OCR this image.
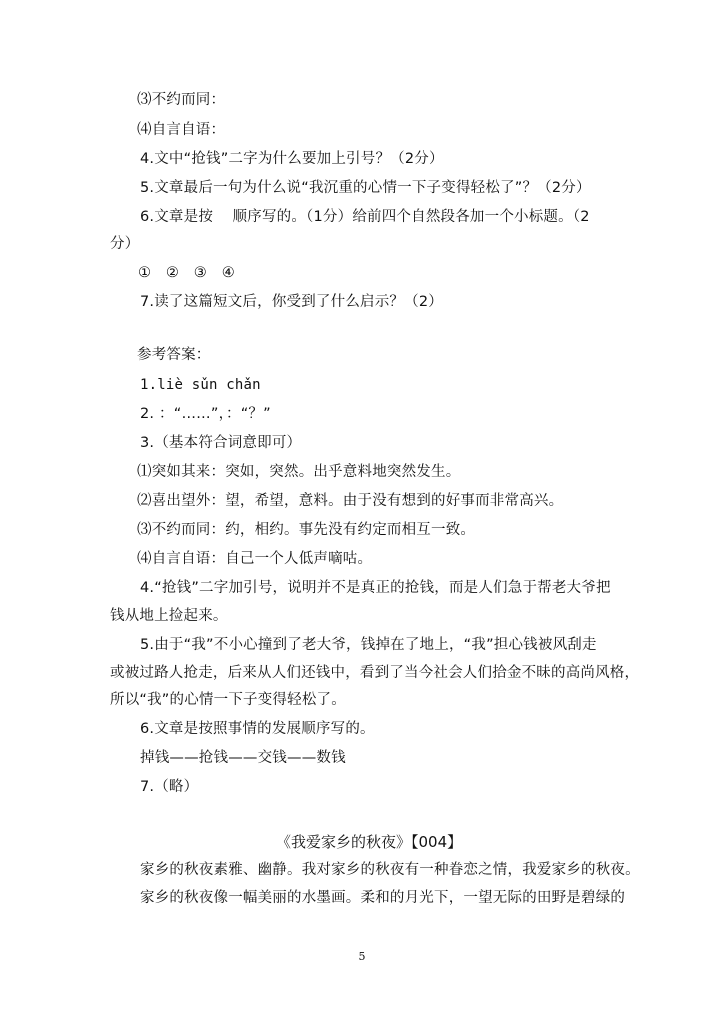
⑶不约而同：
⑷自言自语：
4.文中“抢钱”二字为什么要加上引号？（2分）
5.文章最后一句为什么说“我沉重的心情一下子变得轻松了”？（2分）
6.文章是按　 顺序写的。（1分）给前四个自然段各加一个小标题。（2
分）
①　②　③　④
7.读了这篇短文后，你受到了什么启示？（2）
参考答案：
1.liè sǔn chǎn
2. ：“……”，：“？”
3.（基本符合词意即可）
⑴突如其来：突如，突然。出乎意料地突然发生。
⑵喜出望外：望，希望，意料。由于没有想到的好事而非常高兴。
⑶不约而同：约，相约。事先没有约定而相互一致。
⑷自言自语：自己一个人低声嘀咕。
4.“抢钱”二字加引号，说明并不是真正的抢钱，而是人们急于帮老大爷把
钱从地上捡起来。
5.由于“我”不小心撞到了老大爷，钱掉在了地上，“我”担心钱被风刮走
或被过路人抢走，后来从人们还钱中，看到了当今社会人们拾金不昧的高尚风格，
所以“我”的心情一下子变得轻松了。
6.文章是按照事情的发展顺序写的。
掉钱——抢钱——交钱——数钱
7.（略）
《我爱家乡的秋夜》【004】
家乡的秋夜素雅、幽静。我对家乡的秋夜有一种眷恋之情，我爱家乡的秋夜。
家乡的秋夜像一幅美丽的水墨画。柔和的月光下，一望无际的田野是碧绿的
5
